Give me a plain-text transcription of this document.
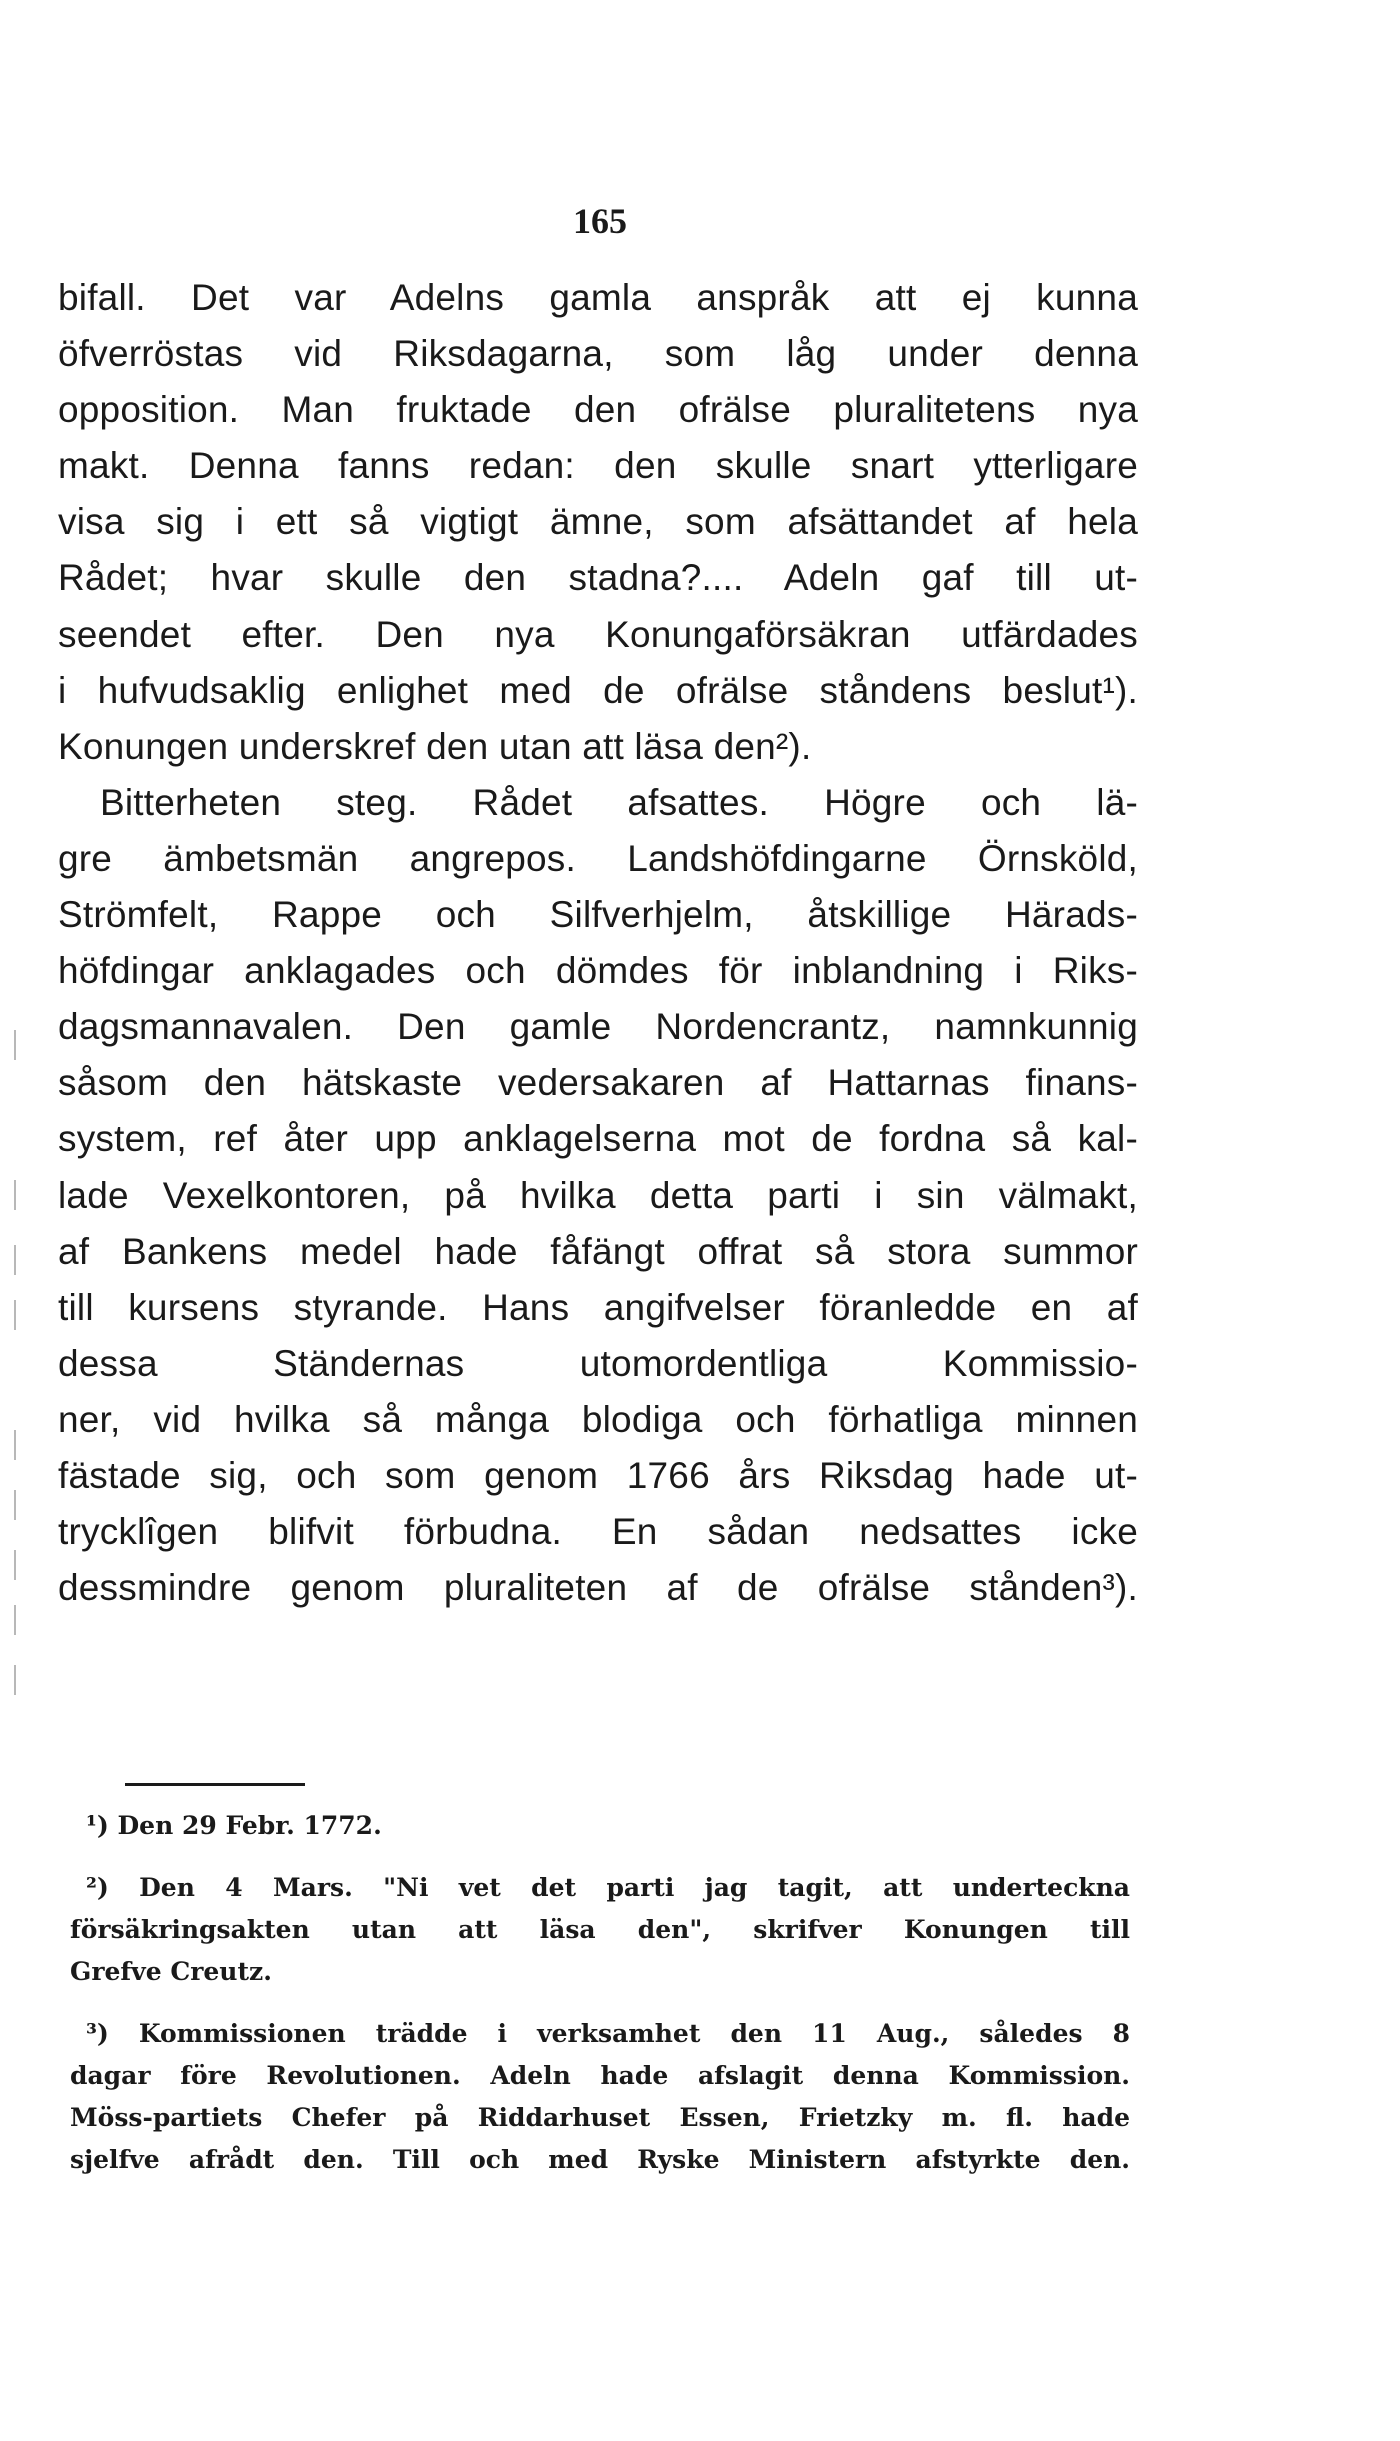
165
bifall. Det var Adelns gamla anspråk att ej kunna
öfverröstas vid Riksdagarna, som låg under denna
opposition. Man fruktade den ofrälse pluralitetens nya
makt. Denna fanns redan: den skulle snart ytterligare
visa sig i ett så vigtigt ämne, som afsättandet af hela
Rådet; hvar skulle den stadna?.... Adeln gaf till ut-
seendet efter. Den nya Konungaförsäkran utfärdades
i hufvudsaklig enlighet med de ofrälse ståndens beslut¹).
Konungen underskref den utan att läsa den²).
Bitterheten steg. Rådet afsattes. Högre och lä-
gre ämbetsmän angrepos. Landshöfdingarne Örnsköld,
Strömfelt, Rappe och Silfverhjelm, åtskillige Härads-
höfdingar anklagades och dömdes för inblandning i Riks-
dagsmannavalen. Den gamle Nordencrantz, namnkunnig
såsom den hätskaste vedersakaren af Hattarnas finans-
system, ref åter upp anklagelserna mot de fordna så kal-
lade Vexelkontoren, på hvilka detta parti i sin välmakt,
af Bankens medel hade fåfängt offrat så stora summor
till kursens styrande. Hans angifvelser föranledde en af
dessa Ständernas utomordentliga Kommissio-
ner, vid hvilka så många blodiga och förhatliga minnen
fästade sig, och som genom 1766 års Riksdag hade ut-
trycklîgen blifvit förbudna. En sådan nedsattes icke
dessmindre genom pluraliteten af de ofrälse stånden³).
¹) Den 29 Febr. 1772.
²) Den 4 Mars. "Ni vet det parti jag tagit, att underteckna
försäkringsakten utan att läsa den", skrifver Konungen till
Grefve Creutz.
³) Kommissionen trädde i verksamhet den 11 Aug., således 8
dagar före Revolutionen. Adeln hade afslagit denna Kommission.
Möss-partiets Chefer på Riddarhuset Essen, Frietzky m. fl. hade
sjelfve afrådt den. Till och med Ryske Ministern afstyrkte den.
